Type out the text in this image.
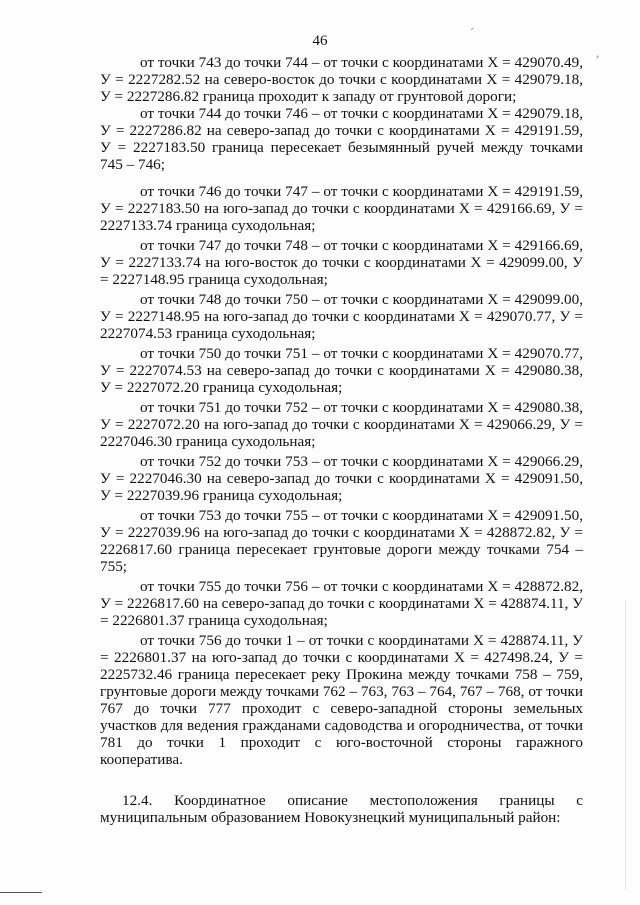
46
´
,

от точки 743 до точки 744 – от точки с координатами Х = 429070.49, У = 2227282.52 на северо-восток до точки с координатами Х = 429079.18, У = 2227286.82 граница проходит к западу от грунтовой дороги;

от точки 744 до точки 746 – от точки с координатами Х = 429079.18, У = 2227286.82 на северо-запад до точки с координатами Х = 429191.59, У = 2227183.50 граница пересекает безымянный ручей между точками 745 – 746;

от точки 746 до точки 747 – от точки с координатами Х = 429191.59, У = 2227183.50 на юго-запад до точки с координатами Х = 429166.69, У = 2227133.74 граница суходольная;

от точки 747 до точки 748 – от точки с координатами Х = 429166.69, У = 2227133.74 на юго-восток до точки с координатами Х = 429099.00, У = 2227148.95 граница суходольная;

от точки 748 до точки 750 – от точки с координатами Х = 429099.00, У = 2227148.95 на юго-запад до точки с координатами Х = 429070.77, У = 2227074.53 граница суходольная;

от точки 750 до точки 751 – от точки с координатами Х = 429070.77, У = 2227074.53 на северо-запад до точки с координатами Х = 429080.38, У = 2227072.20 граница суходольная;

от точки 751 до точки 752 – от точки с координатами Х = 429080.38, У = 2227072.20 на юго-запад до точки с координатами Х = 429066.29, У = 2227046.30 граница суходольная;

от точки 752 до точки 753 – от точки с координатами Х = 429066.29, У = 2227046.30 на северо-запад до точки с координатами Х = 429091.50, У = 2227039.96 граница суходольная;

от точки 753 до точки 755 – от точки с координатами Х = 429091.50, У = 2227039.96 на юго-запад до точки с координатами Х = 428872.82, У = 2226817.60 граница пересекает грунтовые дороги между точками 754 – 755;

от точки 755 до точки 756 – от точки с координатами Х = 428872.82, У = 2226817.60 на северо-запад до точки с координатами Х = 428874.11, У = 2226801.37 граница суходольная;

от точки 756 до точки 1 – от точки с координатами Х = 428874.11, У = 2226801.37 на юго-запад до точки с координатами Х = 427498.24, У = 2225732.46 граница пересекает реку Прокина между точками 758 – 759, грунтовые дороги между точками 762 – 763, 763 – 764, 767 – 768, от точки 767 до точки 777 проходит с северо-западной стороны земельных участков для ведения гражданами садоводства и огородничества, от точки 781 до точки 1 проходит с юго-восточной стороны гаражного кооператива.

12.4. Координатное описание местоположения границы с муниципальным образованием Новокузнецкий муниципальный район:
